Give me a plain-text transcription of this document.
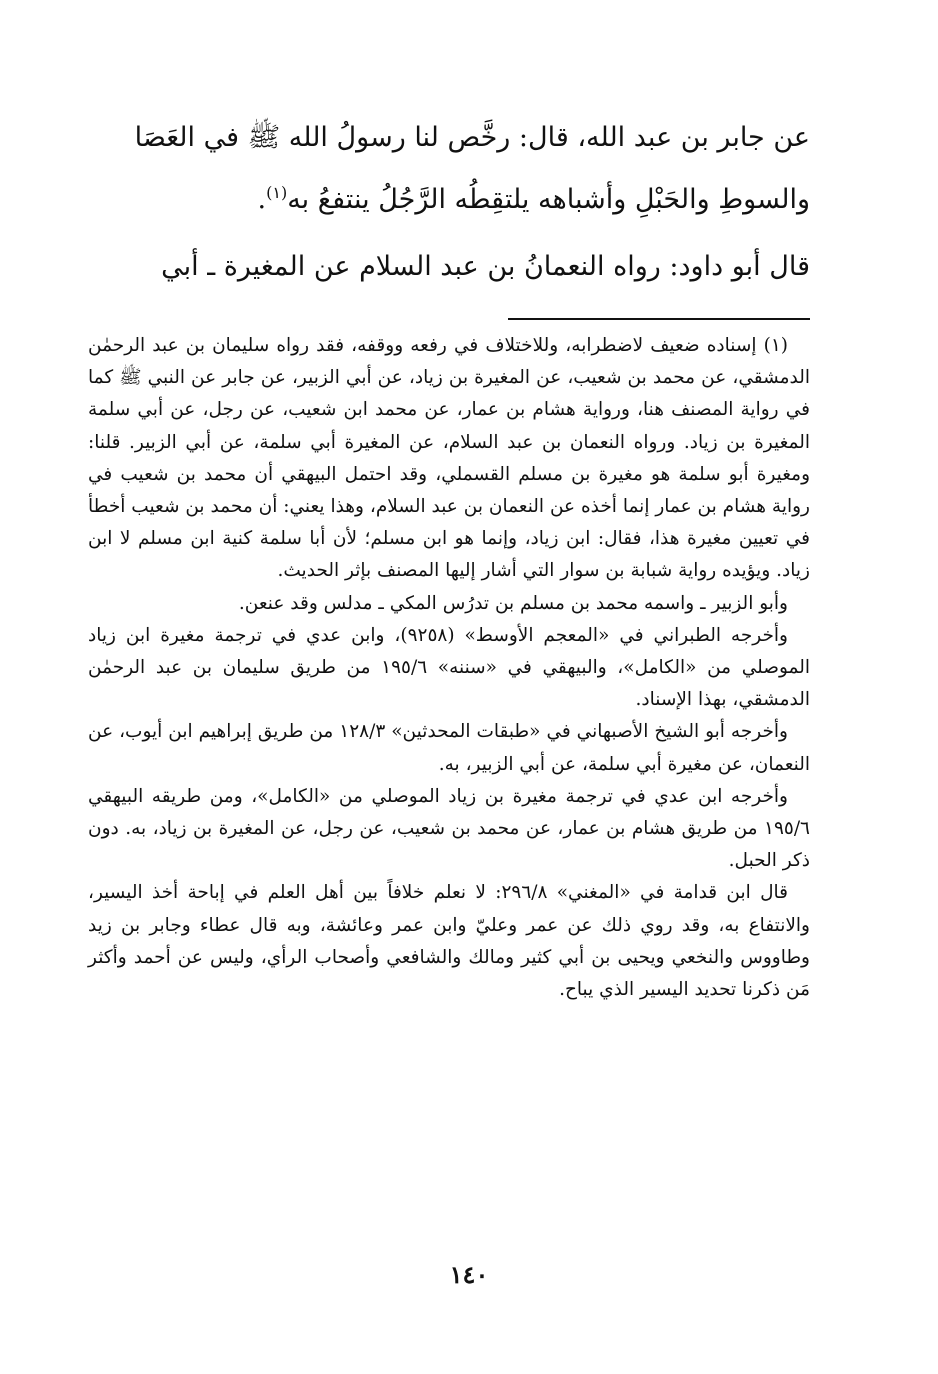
عن جابر بن عبد الله، قال: رخَّص لنا رسولُ الله ﷺ في العَصَا

والسوطِ والحَبْلِ وأشباهه يلتقِطُه الرَّجُلُ ينتفعُ به$^{(١)}$.

قال أبو داود: رواه النعمانُ بن عبد السلام عن المغيرة ـ أبي

(١) إسناده ضعيف لاضطرابه، وللاختلاف في رفعه ووقفه، فقد رواه سليمان بن عبد الرحمٰن الدمشقي، عن محمد بن شعيب، عن المغيرة بن زياد، عن أبي الزبير، عن جابر عن النبي ﷺ كما في رواية المصنف هنا، ورواية هشام بن عمار، عن محمد ابن شعيب، عن رجل، عن أبي سلمة المغيرة بن زياد. ورواه النعمان بن عبد السلام، عن المغيرة أبي سلمة، عن أبي الزبير. قلنا: ومغيرة أبو سلمة هو مغيرة بن مسلم القسملي، وقد احتمل البيهقي أن محمد بن شعيب في رواية هشام بن عمار إنما أخذه عن النعمان بن عبد السلام، وهذا يعني: أن محمد بن شعيب أخطأ في تعيين مغيرة هذا، فقال: ابن زياد، وإنما هو ابن مسلم؛ لأن أبا سلمة كنية ابن مسلم لا ابن زياد. ويؤيده رواية شبابة بن سوار التي أشار إليها المصنف بإثر الحديث.

وأبو الزبير ـ واسمه محمد بن مسلم بن تدرُس المكي ـ مدلس وقد عنعن.

وأخرجه الطبراني في «المعجم الأوسط» (٩٢٥٨)، وابن عدي في ترجمة مغيرة ابن زياد الموصلي من «الكامل»، والبيهقي في «سننه» ١٩٥/٦ من طريق سليمان بن عبد الرحمٰن الدمشقي، بهذا الإسناد.

وأخرجه أبو الشيخ الأصبهاني في «طبقات المحدثين» ١٢٨/٣ من طريق إبراهيم ابن أيوب، عن النعمان، عن مغيرة أبي سلمة، عن أبي الزبير، به.

وأخرجه ابن عدي في ترجمة مغيرة بن زياد الموصلي من «الكامل»، ومن طريقه البيهقي ١٩٥/٦ من طريق هشام بن عمار، عن محمد بن شعيب، عن رجل، عن المغيرة بن زياد، به. دون ذكر الحبل.

قال ابن قدامة في «المغني» ٢٩٦/٨: لا نعلم خلافاً بين أهل العلم في إباحة أخذ اليسير، والانتفاع به، وقد روي ذلك عن عمر وعليّ وابن عمر وعائشة، وبه قال عطاء وجابر بن زيد وطاووس والنخعي ويحيى بن أبي كثير ومالك والشافعي وأصحاب الرأي، وليس عن أحمد وأكثر مَن ذكرنا تحديد اليسير الذي يباح.

١٤٠
